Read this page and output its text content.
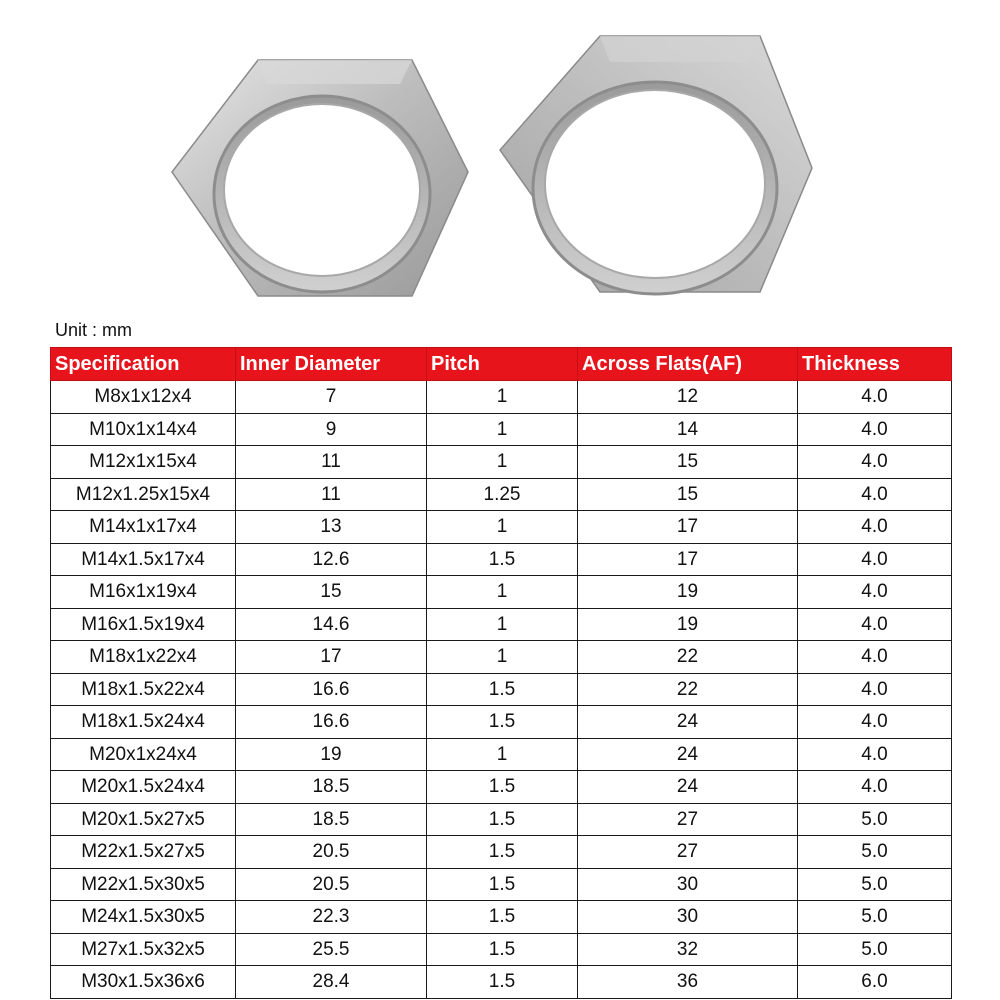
Unit : mm
Specification	Inner Diameter	Pitch	Across Flats(AF)	Thickness
M8x1x12x4	7	1	12	4.0
M10x1x14x4	9	1	14	4.0
M12x1x15x4	11	1	15	4.0
M12x1.25x15x4	11	1.25	15	4.0
M14x1x17x4	13	1	17	4.0
M14x1.5x17x4	12.6	1.5	17	4.0
M16x1x19x4	15	1	19	4.0
M16x1.5x19x4	14.6	1	19	4.0
M18x1x22x4	17	1	22	4.0
M18x1.5x22x4	16.6	1.5	22	4.0
M18x1.5x24x4	16.6	1.5	24	4.0
M20x1x24x4	19	1	24	4.0
M20x1.5x24x4	18.5	1.5	24	4.0
M20x1.5x27x5	18.5	1.5	27	5.0
M22x1.5x27x5	20.5	1.5	27	5.0
M22x1.5x30x5	20.5	1.5	30	5.0
M24x1.5x30x5	22.3	1.5	30	5.0
M27x1.5x32x5	25.5	1.5	32	5.0
M30x1.5x36x6	28.4	1.5	36	6.0
